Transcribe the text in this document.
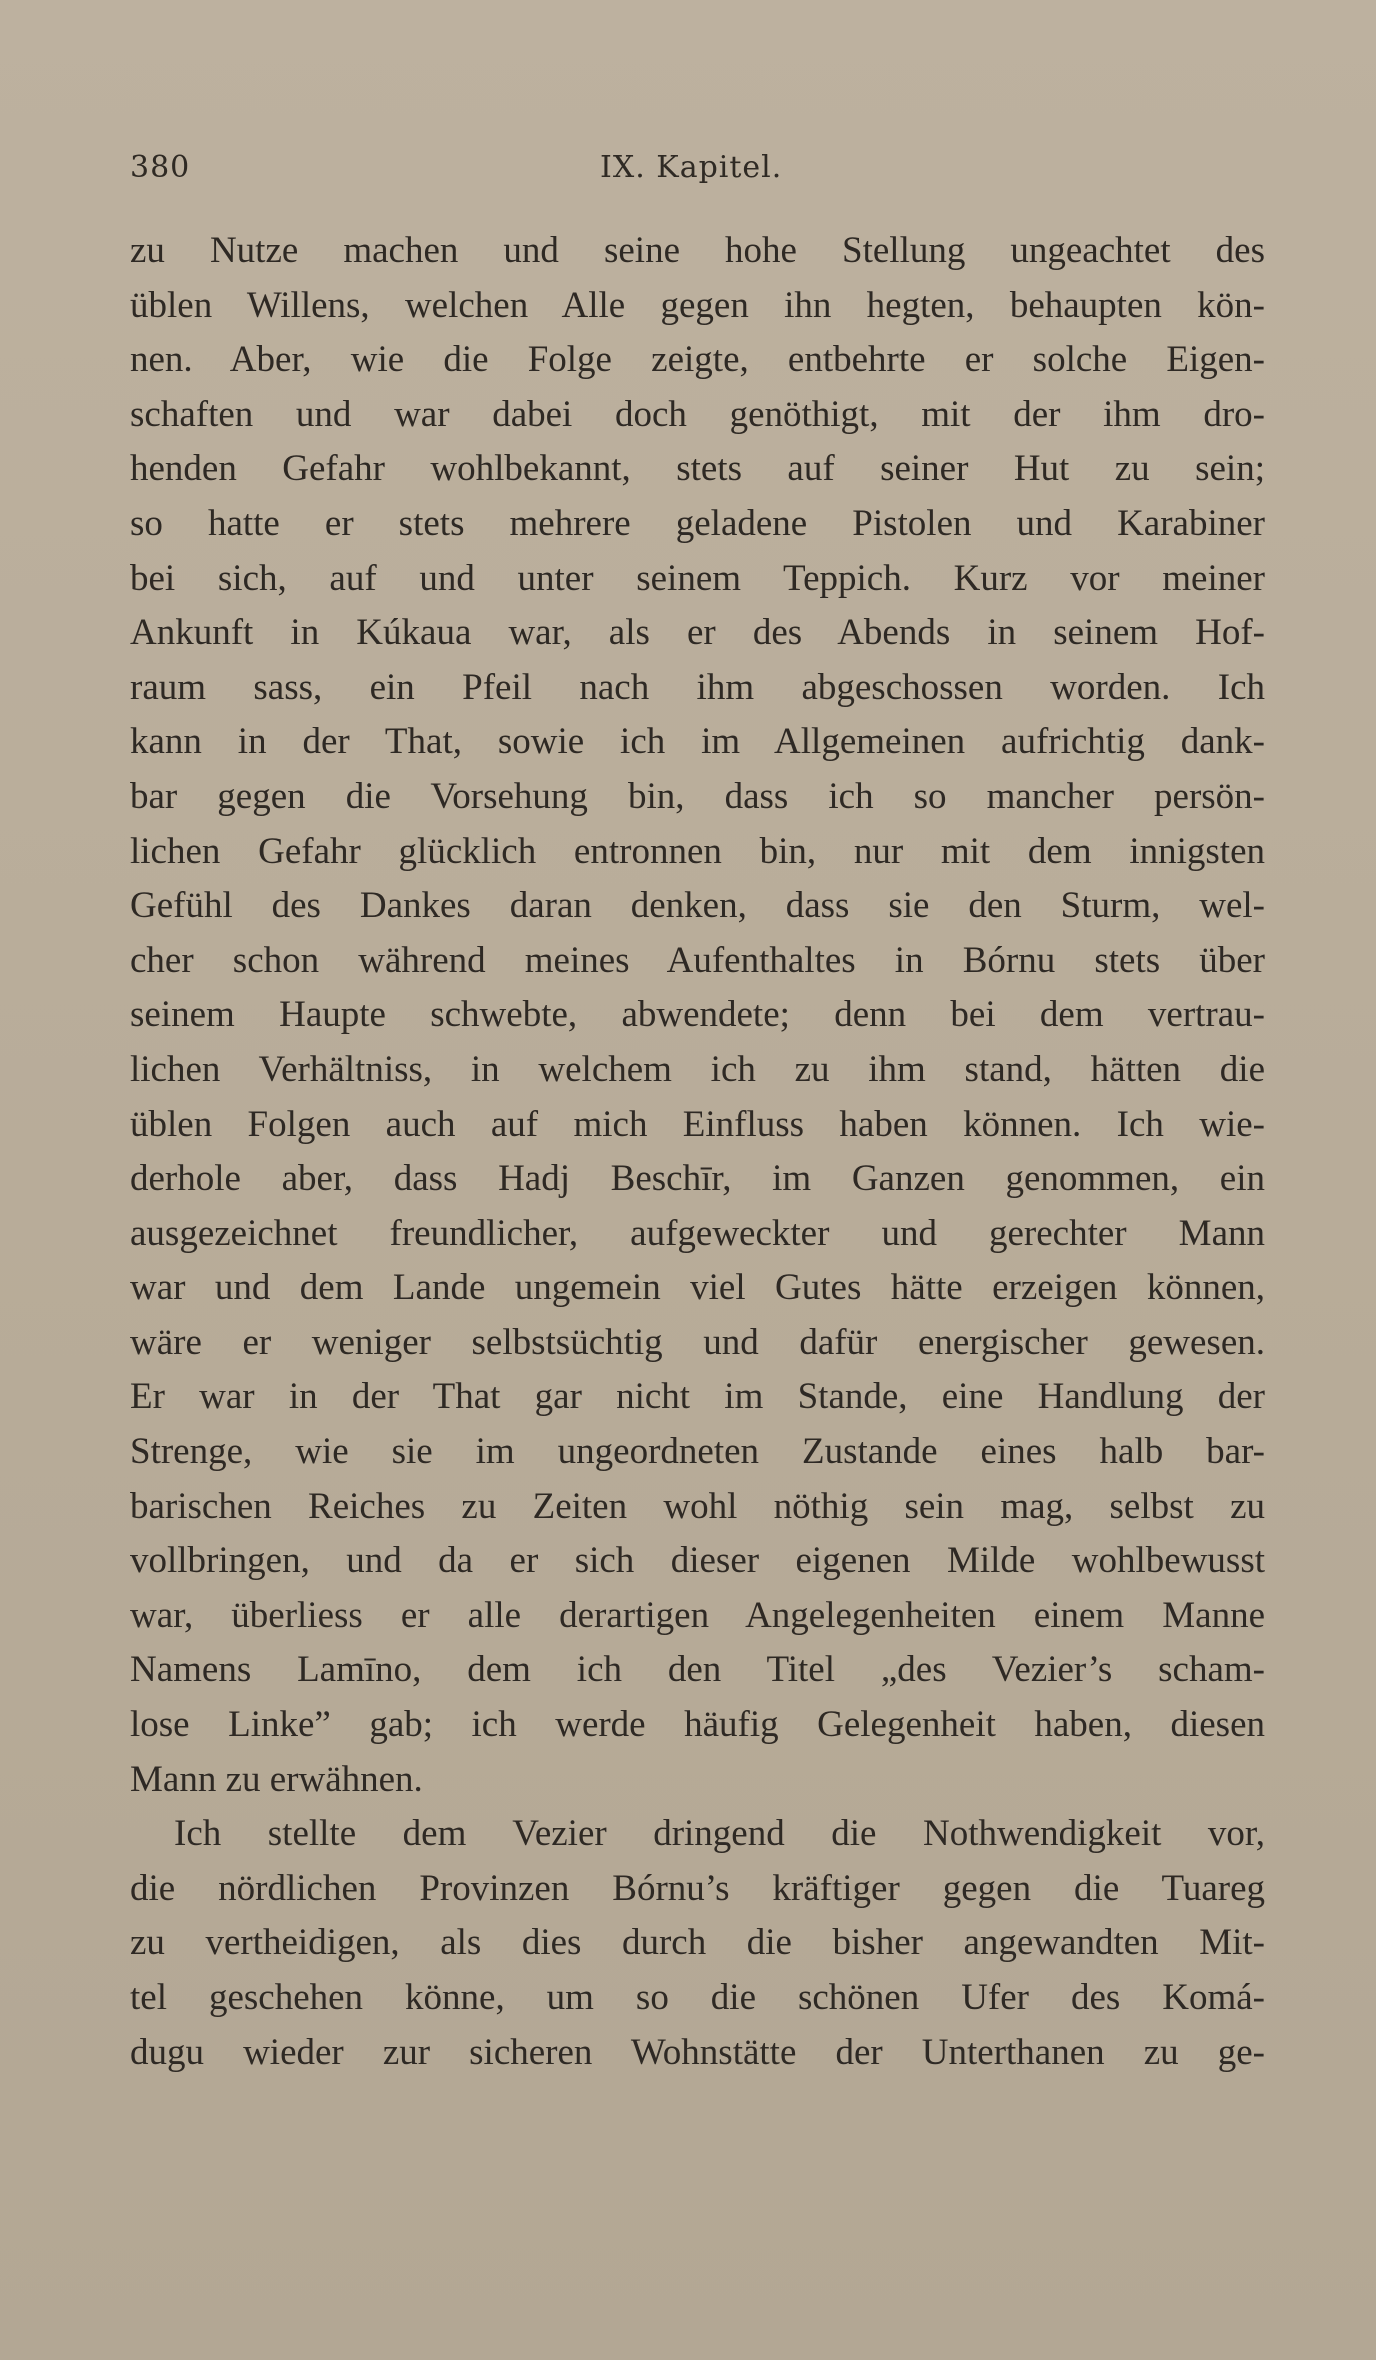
380	IX. Kapitel.
zu Nutze machen und seine hohe Stellung ungeachtet des
üblen Willens, welchen Alle gegen ihn hegten, behaupten kön-
nen. Aber, wie die Folge zeigte, entbehrte er solche Eigen-
schaften und war dabei doch genöthigt, mit der ihm dro-
henden Gefahr wohlbekannt, stets auf seiner Hut zu sein;
so hatte er stets mehrere geladene Pistolen und Karabiner
bei sich, auf und unter seinem Teppich. Kurz vor meiner
Ankunft in Kúkaua war, als er des Abends in seinem Hof-
raum sass, ein Pfeil nach ihm abgeschossen worden. Ich
kann in der That, sowie ich im Allgemeinen aufrichtig dank-
bar gegen die Vorsehung bin, dass ich so mancher persön-
lichen Gefahr glücklich entronnen bin, nur mit dem innigsten
Gefühl des Dankes daran denken, dass sie den Sturm, wel-
cher schon während meines Aufenthaltes in Bórnu stets über
seinem Haupte schwebte, abwendete; denn bei dem vertrau-
lichen Verhältniss, in welchem ich zu ihm stand, hätten die
üblen Folgen auch auf mich Einfluss haben können. Ich wie-
derhole aber, dass Hadj Beschīr, im Ganzen genommen, ein
ausgezeichnet freundlicher, aufgeweckter und gerechter Mann
war und dem Lande ungemein viel Gutes hätte erzeigen können,
wäre er weniger selbstsüchtig und dafür energischer gewesen.
Er war in der That gar nicht im Stande, eine Handlung der
Strenge, wie sie im ungeordneten Zustande eines halb bar-
barischen Reiches zu Zeiten wohl nöthig sein mag, selbst zu
vollbringen, und da er sich dieser eigenen Milde wohlbewusst
war, überliess er alle derartigen Angelegenheiten einem Manne
Namens Lamīno, dem ich den Titel „des Vezier’s scham-
lose Linke” gab; ich werde häufig Gelegenheit haben, diesen
Mann zu erwähnen.
Ich stellte dem Vezier dringend die Nothwendigkeit vor,
die nördlichen Provinzen Bórnu’s kräftiger gegen die Tuareg
zu vertheidigen, als dies durch die bisher angewandten Mit-
tel geschehen könne, um so die schönen Ufer des Komá-
dugu wieder zur sicheren Wohnstätte der Unterthanen zu ge-
